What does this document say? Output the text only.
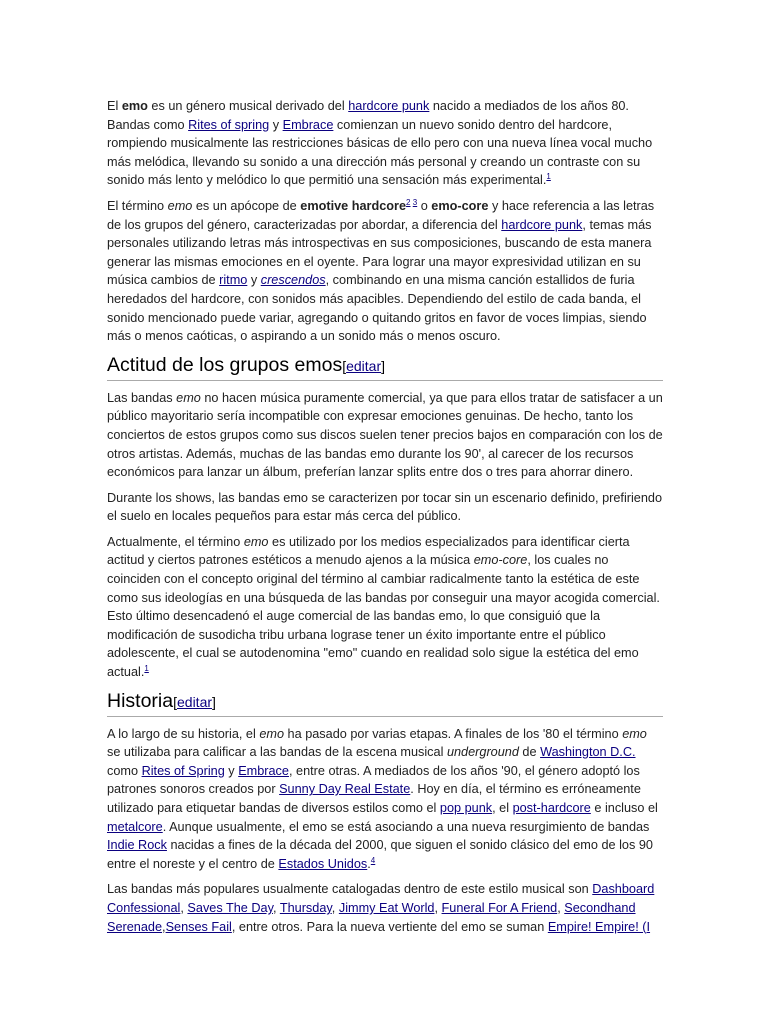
El emo es un género musical derivado del hardcore punk nacido a mediados de los años 80. Bandas como Rites of spring y Embrace comienzan un nuevo sonido dentro del hardcore, rompiendo musicalmente las restricciones básicas de ello pero con una nueva línea vocal mucho más melódica, llevando su sonido a una dirección más personal y creando un contraste con su sonido más lento y melódico lo que permitió una sensación más experimental.$^1$

El término emo es un apócope de emotive hardcore$^{2 3}$ o emo-core y hace referencia a las letras de los grupos del género, caracterizadas por abordar, a diferencia del hardcore punk, temas más personales utilizando letras más introspectivas en sus composiciones, buscando de esta manera generar las mismas emociones en el oyente. Para lograr una mayor expresividad utilizan en su música cambios de ritmo y crescendos, combinando en una misma canción estallidos de furia heredados del hardcore, con sonidos más apacibles. Dependiendo del estilo de cada banda, el sonido mencionado puede variar, agregando o quitando gritos en favor de voces limpias, siendo más o menos caóticas, o aspirando a un sonido más o menos oscuro.

Actitud de los grupos emos[editar]

Las bandas emo no hacen música puramente comercial, ya que para ellos tratar de satisfacer a un público mayoritario sería incompatible con expresar emociones genuinas. De hecho, tanto los conciertos de estos grupos como sus discos suelen tener precios bajos en comparación con los de otros artistas. Además, muchas de las bandas emo durante los 90', al carecer de los recursos económicos para lanzar un álbum, preferían lanzar splits entre dos o tres para ahorrar dinero.

Durante los shows, las bandas emo se caracterizen por tocar sin un escenario definido, prefiriendo el suelo en locales pequeños para estar más cerca del público.

Actualmente, el término emo es utilizado por los medios especializados para identificar cierta actitud y ciertos patrones estéticos a menudo ajenos a la música emo-core, los cuales no coinciden con el concepto original del término al cambiar radicalmente tanto la estética de este como sus ideologías en una búsqueda de las bandas por conseguir una mayor acogida comercial. Esto último desencadenó el auge comercial de las bandas emo, lo que consiguió que la modificación de susodicha tribu urbana lograse tener un éxito importante entre el público adolescente, el cual se autodenomina "emo" cuando en realidad solo sigue la estética del emo actual.$^1$

Historia[editar]

A lo largo de su historia, el emo ha pasado por varias etapas. A finales de los '80 el término emo se utilizaba para calificar a las bandas de la escena musical underground de Washington D.C. como Rites of Spring y Embrace, entre otras. A mediados de los años '90, el género adoptó los patrones sonoros creados por Sunny Day Real Estate. Hoy en día, el término es erróneamente utilizado para etiquetar bandas de diversos estilos como el pop punk, el post-hardcore e incluso el metalcore. Aunque usualmente, el emo se está asociando a una nueva resurgimiento de bandas Indie Rock nacidas a fines de la década del 2000, que siguen el sonido clásico del emo de los 90 entre el noreste y el centro de Estados Unidos.$^4$

Las bandas más populares usualmente catalogadas dentro de este estilo musical son Dashboard Confessional, Saves The Day, Thursday, Jimmy Eat World, Funeral For A Friend, Secondhand Serenade,Senses Fail, entre otros. Para la nueva vertiente del emo se suman Empire! Empire! (I
